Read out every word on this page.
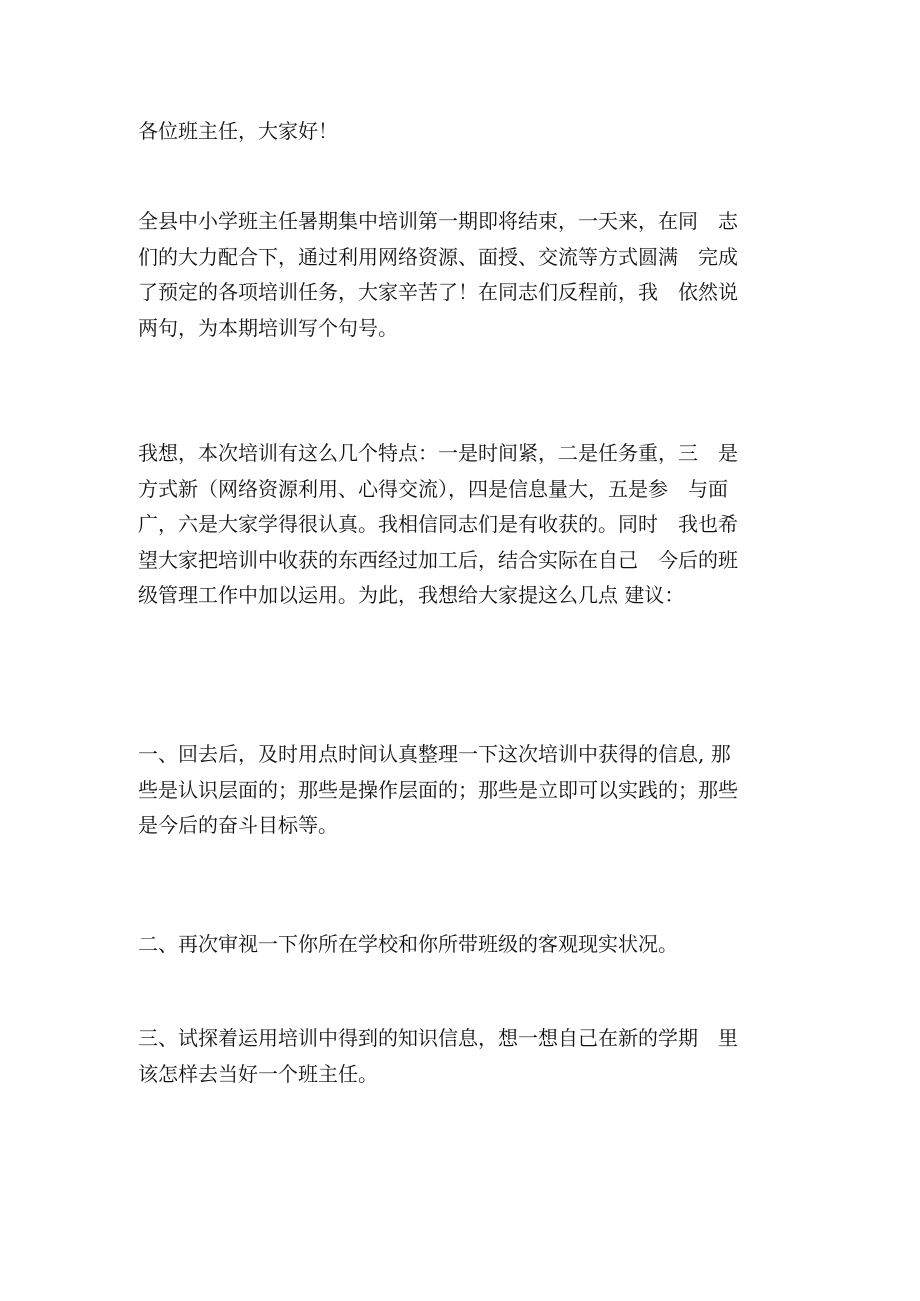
各位班主任，大家好！

全县中小学班主任暑期集中培训第一期即将结束，一天来，在同　志
们的大力配合下，通过利用网络资源、面授、交流等方式圆满　完成
了预定的各项培训任务，大家辛苦了！在同志们反程前，我　依然说
两句，为本期培训写个句号。

我想，本次培训有这么几个特点：一是时间紧，二是任务重，三　是
方式新（网络资源利用、心得交流），四是信息量大，五是参　与面
广，六是大家学得很认真。我相信同志们是有收获的。同时　我也希
望大家把培训中收获的东西经过加工后，结合实际在自己　今后的班
级管理工作中加以运用。为此，我想给大家提这么几点 建议：

一、回去后，及时用点时间认真整理一下这次培训中获得的信息, 那
些是认识层面的；那些是操作层面的；那些是立即可以实践的；那些
是今后的奋斗目标等。

二、再次审视一下你所在学校和你所带班级的客观现实状况。

三、试探着运用培训中得到的知识信息，想一想自己在新的学期　里
该怎样去当好一个班主任。
